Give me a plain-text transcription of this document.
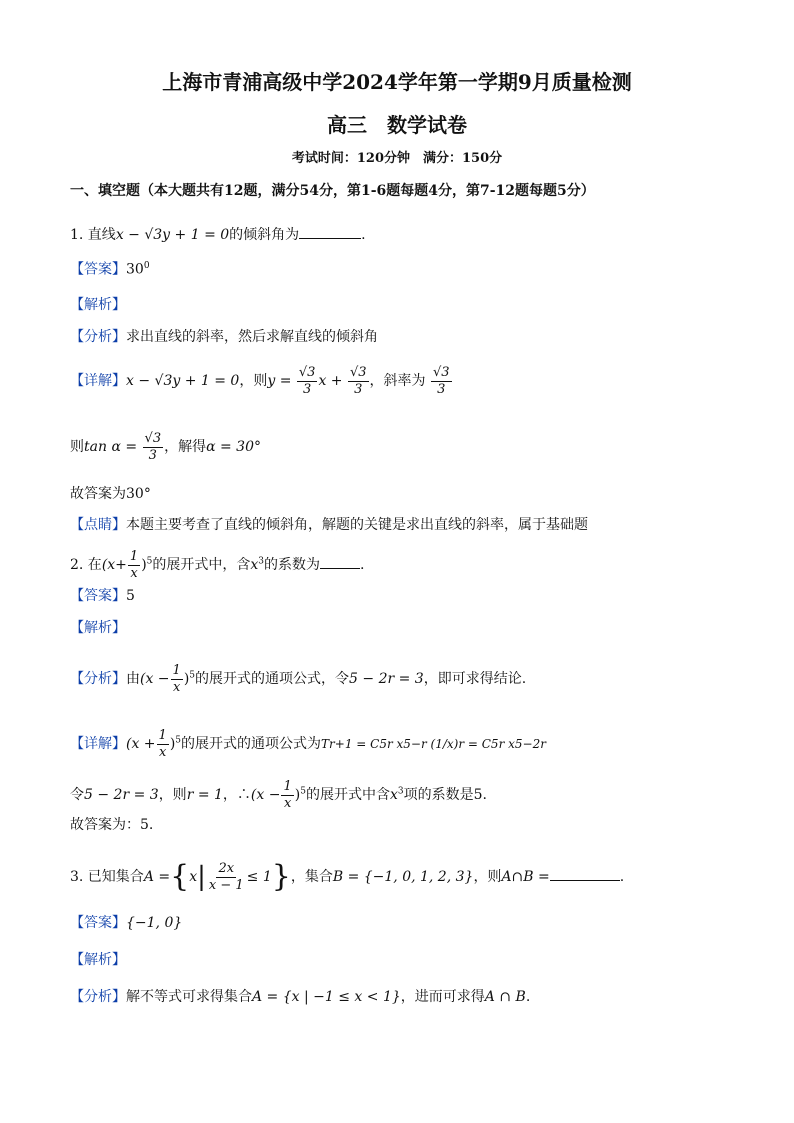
上海市青浦高级中学2024学年第一学期9月质量检测
高三　数学试卷
考试时间：120分钟　满分：150分
一、填空题（本大题共有12题，满分54分，第1-6题每题4分，第7-12题每题5分）
1. 直线x − √3y + 1 = 0的倾斜角为	.
【答案】$30^0$
【解析】
【分析】求出直线的斜率，然后求解直线的倾斜角
【详解】x − √3y + 1 = 0，则$y = \frac{√3}{3}$ $x + \frac{√3}{3}$ ，斜率为 $\frac{√3}{3}$
则$\tan \alpha = \frac{√3}{3}$ ，解得α = 30°
故答案为30°
【点睛】本题主要考查了直线的倾斜角，解题的关键是求出直线的斜率，属于基础题
2. 在$(x+ \frac{1}{x} )^5$的展开式中，含$x^3$的系数为	.
【答案】5
【解析】
【分析】由$(x - \frac{1}{x} )^5$的展开式的通项公式，令5 − 2r = 3，即可求得结论.
【详解】$(x + \frac{1}{x} )^5$的展开式的通项公式为Tr+1 = C5r x5−r (1/x)r = C5r x5−2r
令5 − 2r = 3，则r = 1，∴(x − $\frac{1}{x} )^5$的展开式中含$x^3$项的系数是5.
故答案为：5.
3. 已知集合$A =\{x| \frac{2x}{x - 1} \le 1\}$，集合B = {−1, 0, 1, 2, 3}，则A∩B =	.
【答案】{−1, 0}
【解析】
【分析】解不等式可求得集合A = {x | −1 ≤ x < 1}，进而可求得A ∩ B.
